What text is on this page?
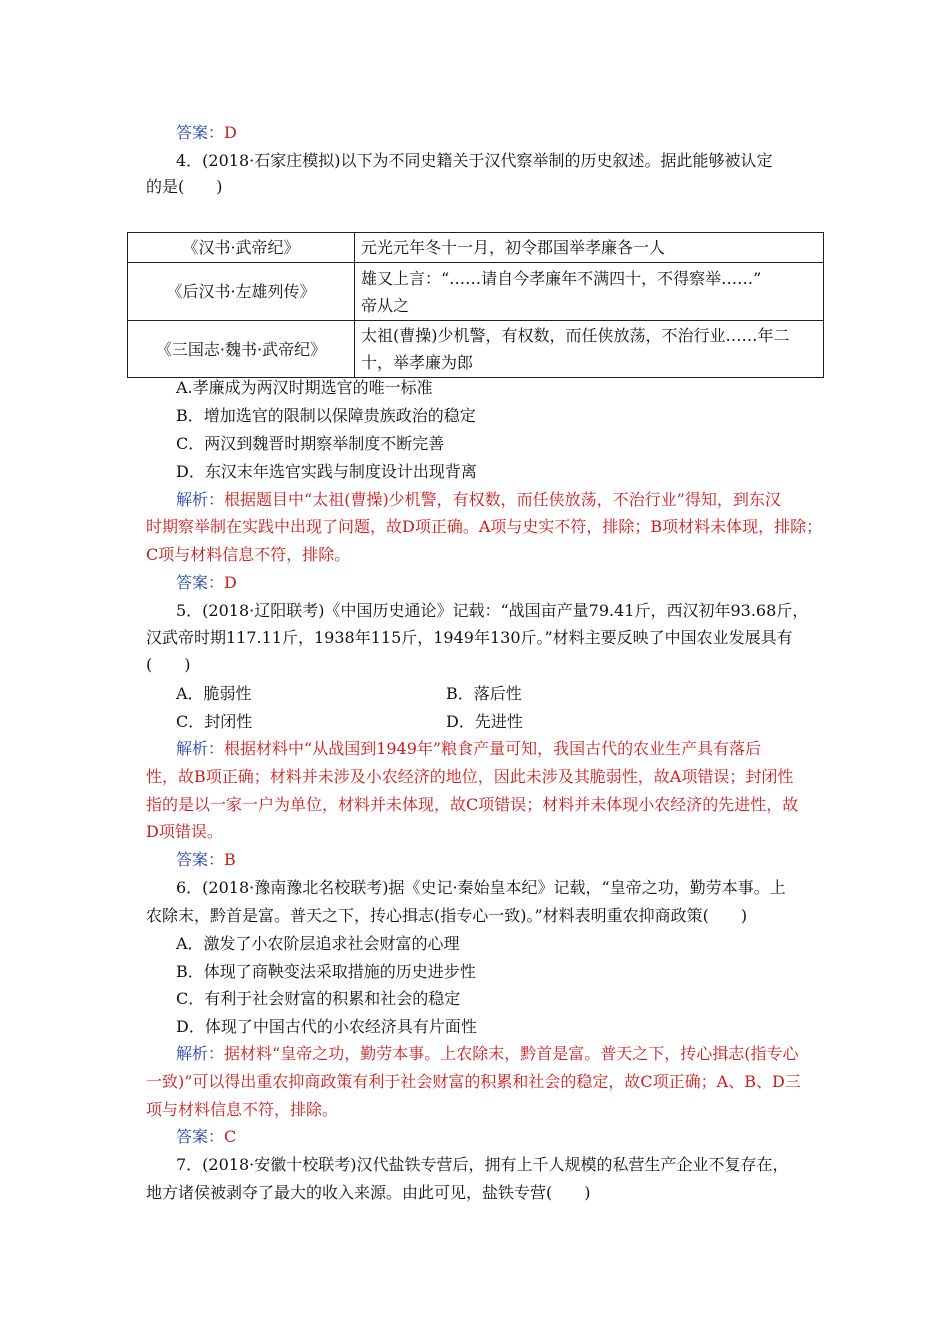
答案：D
4．(2018·石家庄模拟)以下为不同史籍关于汉代察举制的历史叙述。据此能够被认定
的是(　　)
《汉书·武帝纪》	元光元年冬十一月，初令郡国举孝廉各一人
《后汉书·左雄列传》	雄又上言：“……请自今孝廉年不满四十，不得察举……”
帝从之
《三国志·魏书·武帝纪》	太祖(曹操)少机警，有权数，而任侠放荡，不治行业……年二
十，举孝廉为郎
A.孝廉成为两汉时期选官的唯一标准
B．增加选官的限制以保障贵族政治的稳定
C．两汉到魏晋时期察举制度不断完善
D．东汉末年选官实践与制度设计出现背离
解析：根据题目中“太祖(曹操)少机警，有权数，而任侠放荡，不治行业”得知，到东汉
时期察举制在实践中出现了问题，故D项正确。A项与史实不符，排除；B项材料未体现，排除；
C项与材料信息不符，排除。
答案：D
5．(2018·辽阳联考)《中国历史通论》记载：“战国亩产量79.41斤，西汉初年93.68斤，
汉武帝时期117.11斤，1938年115斤，1949年130斤。”材料主要反映了中国农业发展具有
(　　)
A．脆弱性	B．落后性
C．封闭性	D．先进性
解析：根据材料中“从战国到1949年”粮食产量可知，我国古代的农业生产具有落后
性，故B项正确；材料并未涉及小农经济的地位，因此未涉及其脆弱性，故A项错误；封闭性
指的是以一家一户为单位，材料并未体现，故C项错误；材料并未体现小农经济的先进性，故
D项错误。
答案：B
6．(2018·豫南豫北名校联考)据《史记·秦始皇本纪》记载，“皇帝之功，勤劳本事。上
农除末，黔首是富。普天之下，抟心揖志(指专心一致)。”材料表明重农抑商政策(　　)
A．激发了小农阶层追求社会财富的心理
B．体现了商鞅变法采取措施的历史进步性
C．有利于社会财富的积累和社会的稳定
D．体现了中国古代的小农经济具有片面性
解析：据材料“皇帝之功，勤劳本事。上农除末，黔首是富。普天之下，抟心揖志(指专心
一致)”可以得出重农抑商政策有利于社会财富的积累和社会的稳定，故C项正确；A、B、D三
项与材料信息不符，排除。
答案：C
7．(2018·安徽十校联考)汉代盐铁专营后，拥有上千人规模的私营生产企业不复存在，
地方诸侯被剥夺了最大的收入来源。由此可见，盐铁专营(　　)
